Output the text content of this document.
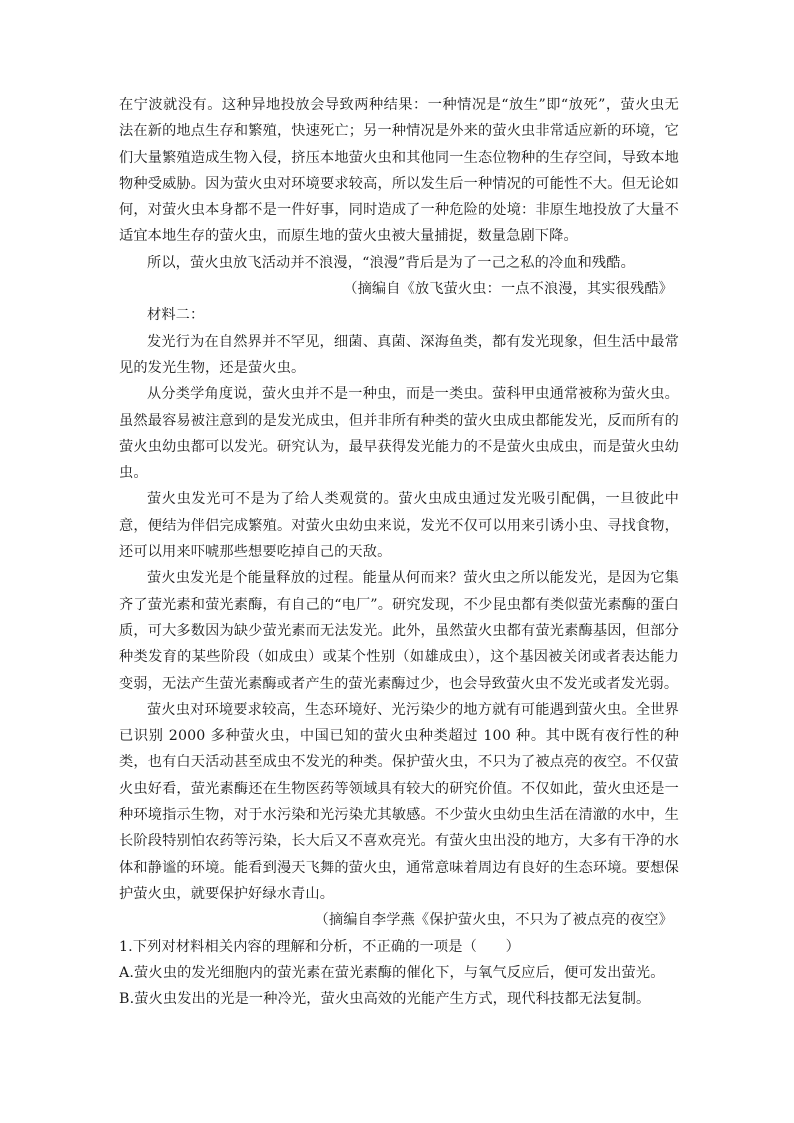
在宁波就没有。这种异地投放会导致两种结果：一种情况是“放生”即“放死”，萤火虫无法在新的地点生存和繁殖，快速死亡；另一种情况是外来的萤火虫非常适应新的环境，它们大量繁殖造成生物入侵，挤压本地萤火虫和其他同一生态位物种的生存空间，导致本地物种受威胁。因为萤火虫对环境要求较高，所以发生后一种情况的可能性不大。但无论如何，对萤火虫本身都不是一件好事，同时造成了一种危险的处境：非原生地投放了大量不适宜本地生存的萤火虫，而原生地的萤火虫被大量捕捉，数量急剧下降。

所以，萤火虫放飞活动并不浪漫，“浪漫”背后是为了一己之私的冷血和残酷。

（摘编自《放飞萤火虫：一点不浪漫，其实很残酷》

材料二：

发光行为在自然界并不罕见，细菌、真菌、深海鱼类，都有发光现象，但生活中最常见的发光生物，还是萤火虫。

从分类学角度说，萤火虫并不是一种虫，而是一类虫。萤科甲虫通常被称为萤火虫。虽然最容易被注意到的是发光成虫，但并非所有种类的萤火虫成虫都能发光，反而所有的萤火虫幼虫都可以发光。研究认为，最早获得发光能力的不是萤火虫成虫，而是萤火虫幼虫。

萤火虫发光可不是为了给人类观赏的。萤火虫成虫通过发光吸引配偶，一旦彼此中意，便结为伴侣完成繁殖。对萤火虫幼虫来说，发光不仅可以用来引诱小虫、寻找食物，还可以用来吓唬那些想要吃掉自己的天敌。

萤火虫发光是个能量释放的过程。能量从何而来？萤火虫之所以能发光，是因为它集齐了萤光素和萤光素酶，有自己的“电厂”。研究发现，不少昆虫都有类似萤光素酶的蛋白质，可大多数因为缺少萤光素而无法发光。此外，虽然萤火虫都有萤光素酶基因，但部分种类发育的某些阶段（如成虫）或某个性别（如雄成虫），这个基因被关闭或者表达能力变弱，无法产生萤光素酶或者产生的萤光素酶过少，也会导致萤火虫不发光或者发光弱。

萤火虫对环境要求较高，生态环境好、光污染少的地方就有可能遇到萤火虫。全世界已识别 2000 多种萤火虫，中国已知的萤火虫种类超过 100 种。其中既有夜行性的种类，也有白天活动甚至成虫不发光的种类。保护萤火虫，不只为了被点亮的夜空。不仅萤火虫好看，萤光素酶还在生物医药等领域具有较大的研究价值。不仅如此，萤火虫还是一种环境指示生物，对于水污染和光污染尤其敏感。不少萤火虫幼虫生活在清澈的水中，生长阶段特别怕农药等污染，长大后又不喜欢亮光。有萤火虫出没的地方，大多有干净的水体和静谧的环境。能看到漫天飞舞的萤火虫，通常意味着周边有良好的生态环境。要想保护萤火虫，就要保护好绿水青山。

（摘编自李学燕《保护萤火虫，不只为了被点亮的夜空》

1.下列对材料相关内容的理解和分析，不正确的一项是（　　）

A.萤火虫的发光细胞内的萤光素在萤光素酶的催化下，与氧气反应后，便可发出萤光。

B.萤火虫发出的光是一种冷光，萤火虫高效的光能产生方式，现代科技都无法复制。
